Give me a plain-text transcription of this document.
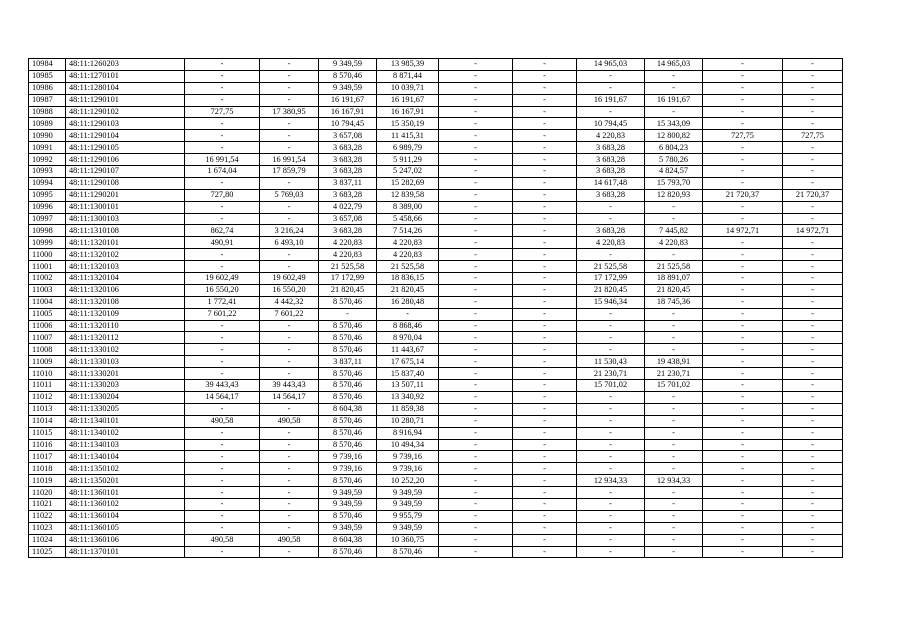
10984	48:11:1260203	-	-	9 349,59	13 985,39	-	-	14 965,03	14 965,03	-	-
10985	48:11:1270101	-	-	8 570,46	8 871,44	-	-	-	-	-	-
10986	48:11:1280104	-	-	9 349,59	10 039,71	-	-	-	-	-	-
10987	48:11:1290101	-	-	16 191,67	16 191,67	-	-	16 191,67	16 191,67	-	-
10988	48:11:1290102	727,75	17 380,95	16 167,91	16 167,91	-	-	-	-	-	-
10989	48:11:1290103	-	-	10 794,45	15 350,19	-	-	10 794,45	15 343,09	-	-
10990	48:11:1290104	-	-	3 657,08	11 415,31	-	-	4 220,83	12 800,82	727,75	727,75
10991	48:11:1290105	-	-	3 683,28	6 989,79	-	-	3 683,28	6 804,23	-	-
10992	48:11:1290106	16 991,54	16 991,54	3 683,28	5 911,29	-	-	3 683,28	5 780,26	-	-
10993	48:11:1290107	1 674,04	17 859,79	3 683,28	5 247,02	-	-	3 683,28	4 824,57	-	-
10994	48:11:1290108	-	-	3 837,11	15 282,69	-	-	14 617,48	15 793,70	-	-
10995	48:11:1290201	727,80	5 769,03	3 683,28	12 839,58	-	-	3 683,28	12 820,93	21 720,37	21 720,37
10996	48:11:1300101	-	-	4 022,79	8 389,00	-	-	-	-	-	-
10997	48:11:1300103	-	-	3 657,08	5 458,66	-	-	-	-	-	-
10998	48:11:1310108	862,74	3 216,24	3 683,28	7 514,26	-	-	3 683,28	7 445,82	14 972,71	14 972,71
10999	48:11:1320101	490,91	6 493,10	4 220,83	4 220,83	-	-	4 220,83	4 220,83	-	-
11000	48:11:1320102	-	-	4 220,83	4 220,83	-	-	-	-	-	-
11001	48:11:1320103	-	-	21 525,58	21 525,58	-	-	21 525,58	21 525,58	-	-
11002	48:11:1320104	19 602,49	19 602,49	17 172,99	18 836,15	-	-	17 172,99	18 891,07	-	-
11003	48:11:1320106	16 550,20	16 550,20	21 820,45	21 820,45	-	-	21 820,45	21 820,45	-	-
11004	48:11:1320108	1 772,41	4 442,32	8 570,46	16 280,48	-	-	15 946,34	18 745,36	-	-
11005	48:11:1320109	7 601,22	7 601,22	-	-	-	-	-	-	-	-
11006	48:11:1320110	-	-	8 570,46	8 868,46	-	-	-	-	-	-
11007	48:11:1320112	-	-	8 570,46	8 970,04	-	-	-	-	-	-
11008	48:11:1330102	-	-	8 570,46	11 443,67	-	-	-	-	-	-
11009	48:11:1330103	-	-	3 837,11	17 675,14	-	-	11 530,43	19 438,91	-	-
11010	48:11:1330201	-	-	8 570,46	15 837,40	-	-	21 230,71	21 230,71	-	-
11011	48:11:1330203	39 443,43	39 443,43	8 570,46	13 507,11	-	-	15 701,02	15 701,02	-	-
11012	48:11:1330204	14 564,17	14 564,17	8 570,46	13 340,92	-	-	-	-	-	-
11013	48:11:1330205	-	-	8 604,38	11 859,38	-	-	-	-	-	-
11014	48:11:1340101	490,58	490,58	8 570,46	10 280,71	-	-	-	-	-	-
11015	48:11:1340102	-	-	8 570,46	8 916,94	-	-	-	-	-	-
11016	48:11:1340103	-	-	8 570,46	10 494,34	-	-	-	-	-	-
11017	48:11:1340104	-	-	9 739,16	9 739,16	-	-	-	-	-	-
11018	48:11:1350102	-	-	9 739,16	9 739,16	-	-	-	-	-	-
11019	48:11:1350201	-	-	8 570,46	10 252,20	-	-	12 934,33	12 934,33	-	-
11020	48:11:1360101	-	-	9 349,59	9 349,59	-	-	-	-	-	-
11021	48:11:1360102	-	-	9 349,59	9 349,59	-	-	-	-	-	-
11022	48:11:1360104	-	-	8 570,46	9 955,79	-	-	-	-	-	-
11023	48:11:1360105	-	-	9 349,59	9 349,59	-	-	-	-	-	-
11024	48:11:1360106	490,58	490,58	8 604,38	10 360,75	-	-	-	-	-	-
11025	48:11:1370101	-	-	8 570,46	8 570,46	-	-	-	-	-	-
